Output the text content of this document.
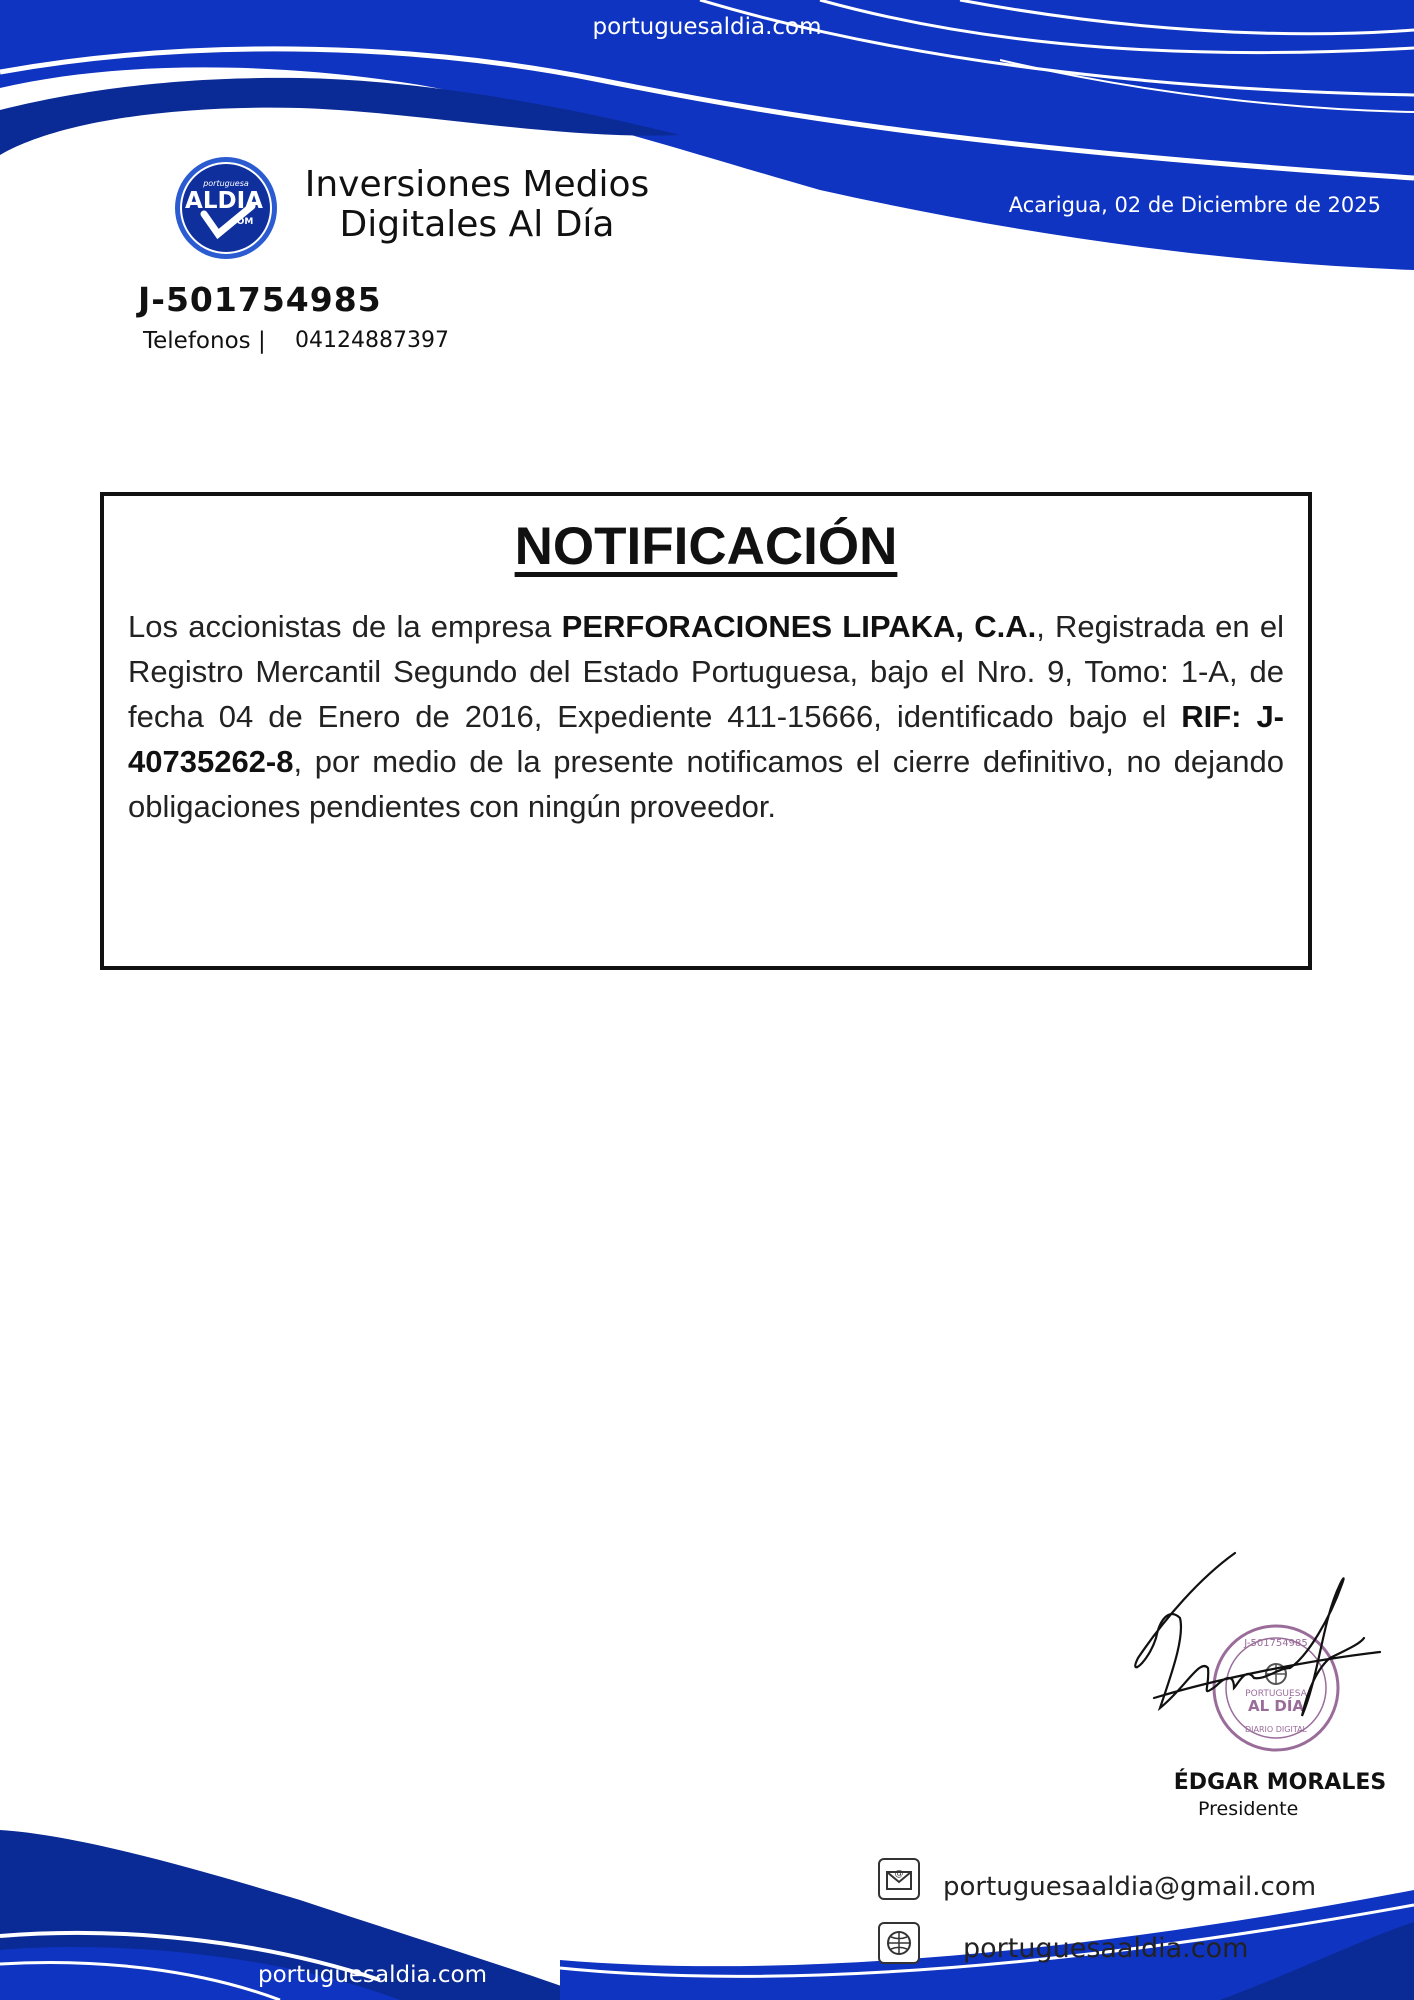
portuguesaldia.com
Acarigua, 02 de Diciembre de 2025
portuguesa
ALDIA
.COM
Inversiones Medios
Digitales Al Día
J-501754985
Telefonos | 04124887397
NOTIFICACIÓN
Los accionistas de la empresa PERFORACIONES LIPAKA, C.A., Registrada en el Registro Mercantil Segundo del Estado Portuguesa, bajo el Nro. 9, Tomo: 1-A, de fecha 04 de Enero de 2016, Expediente 411-15666, identificado bajo el RIF: J-40735262-8, por medio de la presente notificamos el cierre definitivo, no dejando obligaciones pendientes con ningún proveedor.
J-501754985
PORTUGUESA
AL DÍA
DIARIO DIGITAL
ÉDGAR MORALES
Presidente
@ portuguesaaldia@gmail.com
portuguesaaldia.com
portuguesaldia.com
